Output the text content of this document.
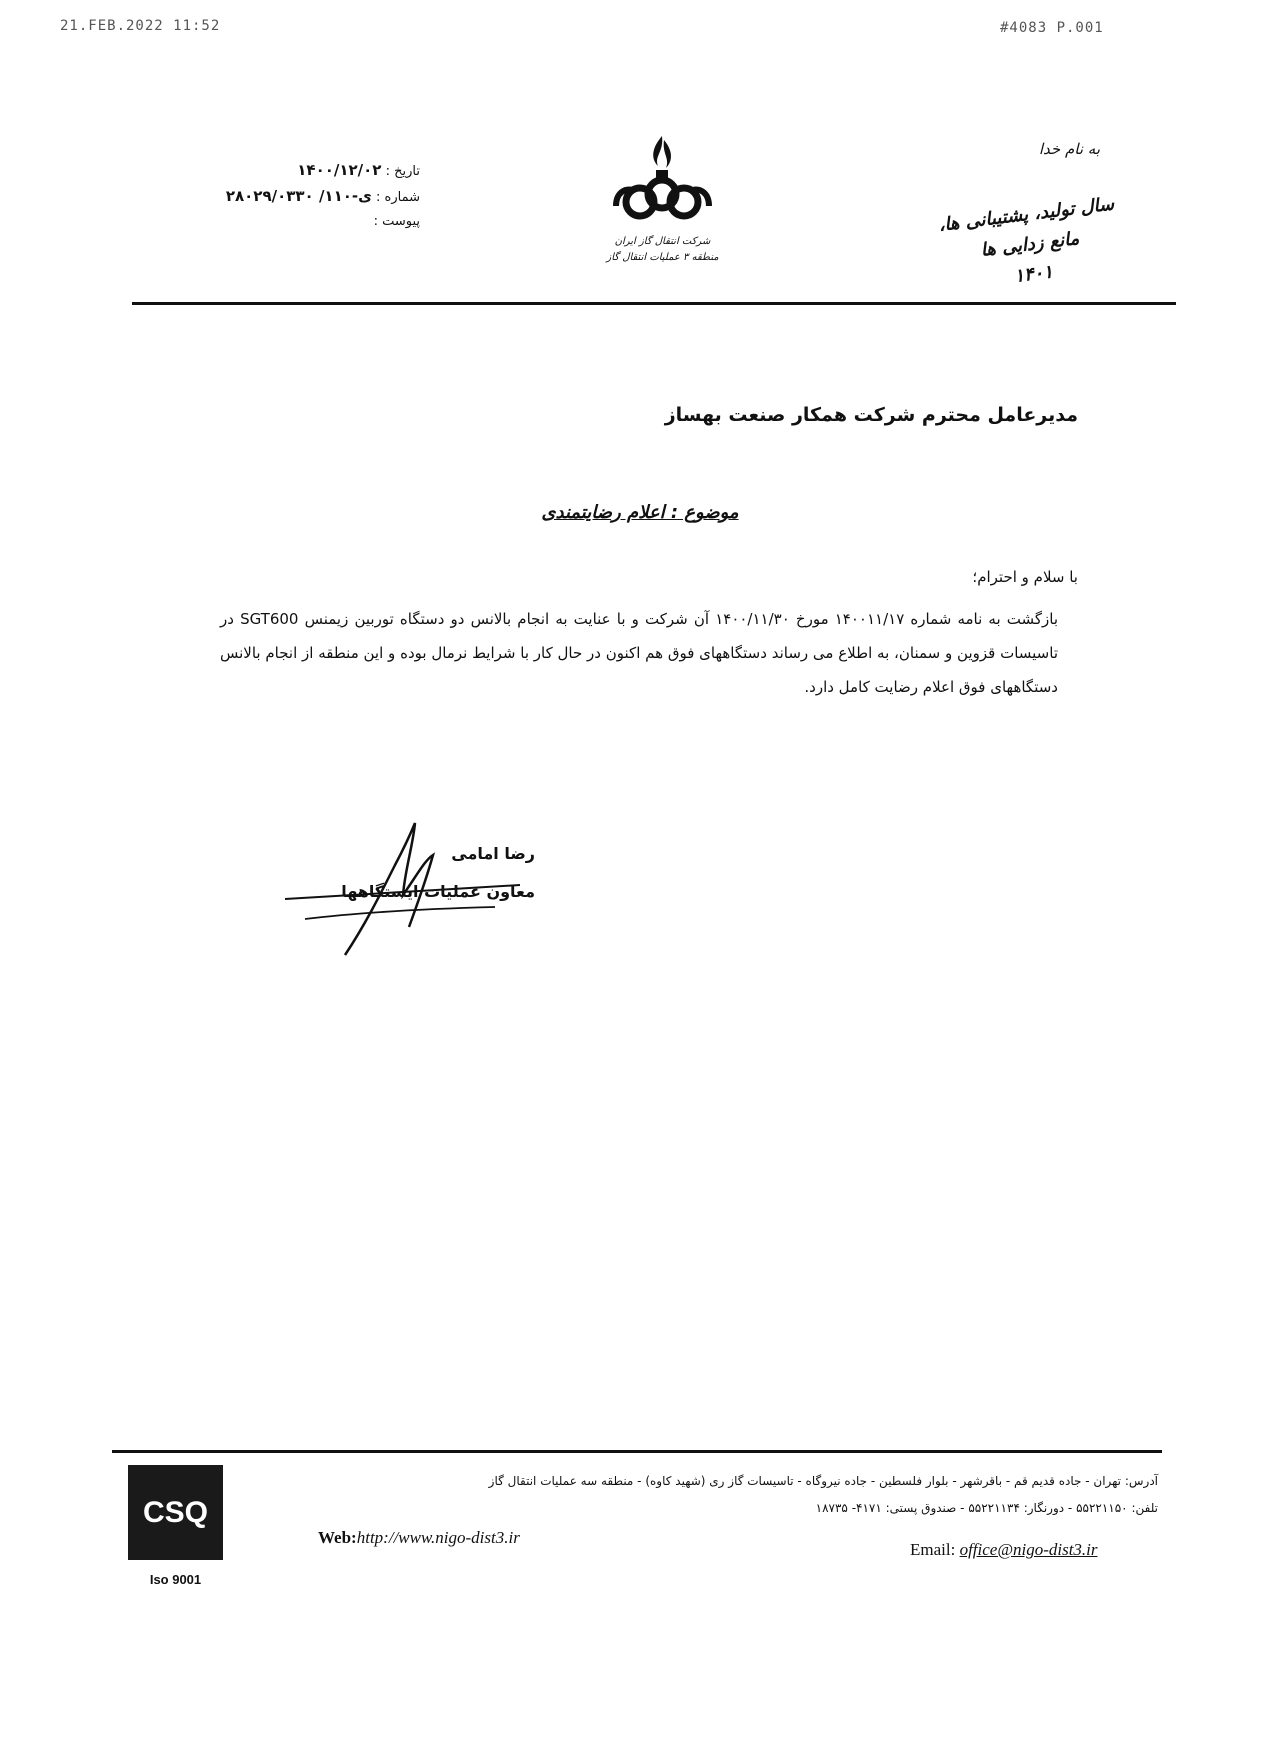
21.FEB.2022 11:52	#4083 P.001
تاریخ : ۱۴۰۰/۱۲/۰۲
شماره : ی-۱۱۰/ ۲۸۰۲۹/۰۳۳۰
پیوست :
شرکت انتقال گاز ایران
منطقه ۳ عملیات انتقال گاز
به نام خدا
سال تولید، پشتیبانی ها، مانع زدایی ها
۱۴۰۱
مدیرعامل محترم شرکت همکار صنعت بهساز
موضوع : اعلام رضایتمندی
با سلام و احترام؛
بازگشت به نامه شماره ۱۴۰۰۱۱/۱۷ مورخ ۱۴۰۰/۱۱/۳۰ آن شرکت و با عنایت به انجام بالانس دو دستگاه توربین زیمنس SGT600 در تاسیسات قزوین و سمنان، به اطلاع می رساند دستگاههای فوق هم اکنون در حال کار با شرایط نرمال بوده و این منطقه از انجام بالانس دستگاههای فوق اعلام رضایت کامل دارد.
رضا امامی
معاون عملیات ایستگاهها
CSQ
Iso 9001
آدرس: تهران - جاده قدیم قم - باقرشهر - بلوار فلسطین - جاده نیروگاه - تاسیسات گاز ری (شهید کاوه) - منطقه سه عملیات انتقال گاز
تلفن: ۵۵۲۲۱۱۵۰ - دورنگار: ۵۵۲۲۱۱۳۴ - صندوق پستی: ۴۱۷۱- ۱۸۷۳۵
Web:http://www.nigo-dist3.ir
Email: office@nigo-dist3.ir
